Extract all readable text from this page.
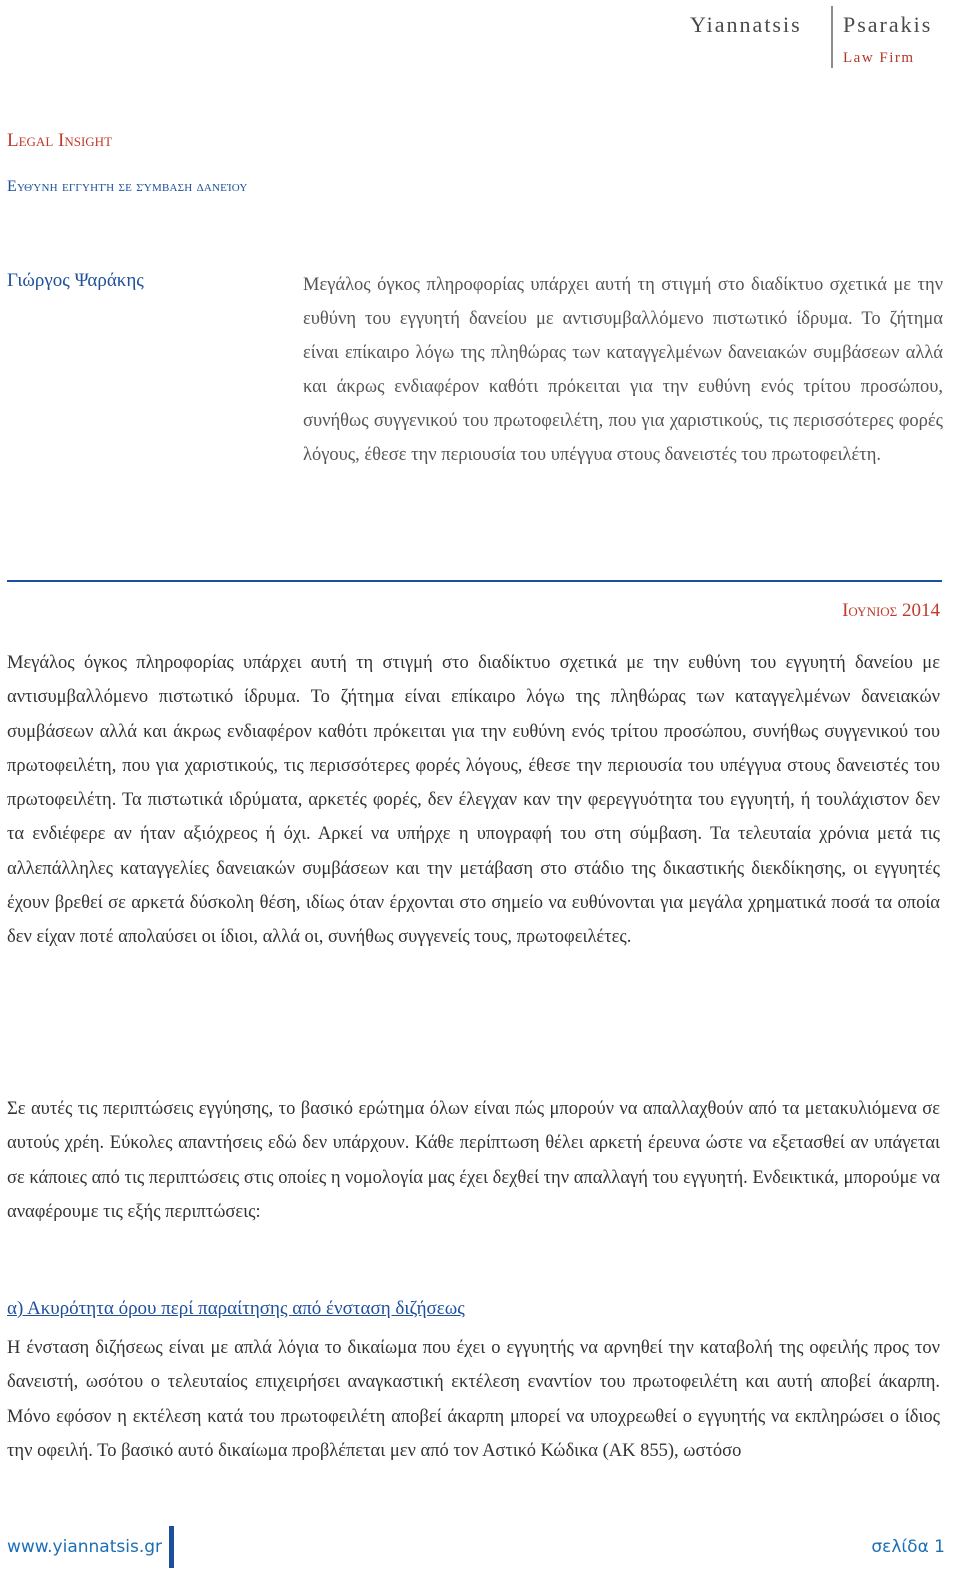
Yiannatsis Psarakis
Law Firm
Legal Insight
Ευθύνη εγγυητή σε σύμβαση δανείου
Γιώργος Ψαράκης	Μεγάλος όγκος πληροφορίας υπάρχει αυτή τη στιγμή στο διαδίκτυο σχετικά με την ευθύνη του εγγυητή δανείου με αντισυμβαλλόμενο πιστωτικό ίδρυμα. Το ζήτημα είναι επίκαιρο λόγω της πληθώρας των καταγγελμένων δανειακών συμβάσεων αλλά και άκρως ενδιαφέρον καθότι πρόκειται για την ευθύνη ενός τρίτου προσώπου, συνήθως συγγενικού του πρωτοφειλέτη, που για χαριστικούς, τις περισσότερες φορές λόγους, έθεσε την περιουσία του υπέγγυα στους δανειστές του πρωτοφειλέτη.
Ιουνιος 2014
Μεγάλος όγκος πληροφορίας υπάρχει αυτή τη στιγμή στο διαδίκτυο σχετικά με την ευθύνη του εγγυητή δανείου με αντισυμβαλλόμενο πιστωτικό ίδρυμα. Το ζήτημα είναι επίκαιρο λόγω της πληθώρας των καταγγελμένων δανειακών συμβάσεων αλλά και άκρως ενδιαφέρον καθότι πρόκειται για την ευθύνη ενός τρίτου προσώπου, συνήθως συγγενικού του πρωτοφειλέτη, που για χαριστικούς, τις περισσότερες φορές λόγους, έθεσε την περιουσία του υπέγγυα στους δανειστές του πρωτοφειλέτη. Τα πιστωτικά ιδρύματα, αρκετές φορές, δεν έλεγχαν καν την φερεγγυότητα του εγγυητή, ή τουλάχιστον δεν τα ενδιέφερε αν ήταν αξιόχρεος ή όχι. Αρκεί να υπήρχε η υπογραφή του στη σύμβαση. Τα τελευταία χρόνια μετά τις αλλεπάλληλες καταγγελίες δανειακών συμβάσεων και την μετάβαση στο στάδιο της δικαστικής διεκδίκησης, οι εγγυητές έχουν βρεθεί σε αρκετά δύσκολη θέση, ιδίως όταν έρχονται στο σημείο να ευθύνονται για μεγάλα χρηματικά ποσά τα οποία δεν είχαν ποτέ απολαύσει οι ίδιοι, αλλά οι, συνήθως συγγενείς τους, πρωτοφειλέτες.
Σε αυτές τις περιπτώσεις εγγύησης, το βασικό ερώτημα όλων είναι πώς μπορούν να απαλλαχθούν από τα μετακυλιόμενα σε αυτούς χρέη. Εύκολες απαντήσεις εδώ δεν υπάρχουν. Κάθε περίπτωση θέλει αρκετή έρευνα ώστε να εξετασθεί αν υπάγεται σε κάποιες από τις περιπτώσεις στις οποίες η νομολογία μας έχει δεχθεί την απαλλαγή του εγγυητή. Ενδεικτικά, μπορούμε να αναφέρουμε τις εξής περιπτώσεις:
α) Ακυρότητα όρου περί παραίτησης από ένσταση διζήσεως
Η ένσταση διζήσεως είναι με απλά λόγια το δικαίωμα που έχει ο εγγυητής να αρνηθεί την καταβολή της οφειλής προς τον δανειστή, ωσότου ο τελευταίος επιχειρήσει αναγκαστική εκτέλεση εναντίον του πρωτοφειλέτη και αυτή αποβεί άκαρπη. Μόνο εφόσον η εκτέλεση κατά του πρωτοφειλέτη αποβεί άκαρπη μπορεί να υποχρεωθεί ο εγγυητής να εκπληρώσει ο ίδιος την οφειλή. Το βασικό αυτό δικαίωμα προβλέπεται μεν από τον Αστικό Κώδικα (ΑΚ 855), ωστόσο
www.yiannatsis.gr	σελίδα 1
